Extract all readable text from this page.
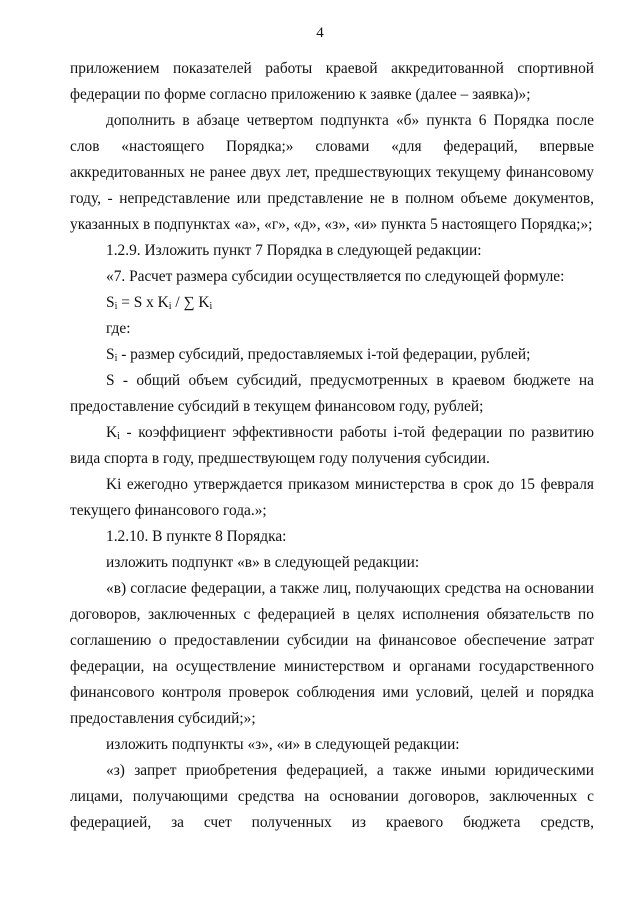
4
приложением показателей работы краевой аккредитованной спортивной
федерации по форме согласно приложению к заявке (далее – заявка)»;
дополнить в абзаце четвертом подпункта «б» пункта 6 Порядка после
слов «настоящего Порядка;» словами «для федераций, впервые
аккредитованных не ранее двух лет, предшествующих текущему финансовому
году, - непредставление или представление не в полном объеме документов,
указанных в подпунктах «а», «г», «д», «з», «и» пункта 5 настоящего Порядка;»;
1.2.9. Изложить пункт 7 Порядка в следующей редакции:
«7. Расчет размера субсидии осуществляется по следующей формуле:
$S_i = S$ x $K_i$ / ∑ $K_i$
где:
$S_i$ - размер субсидий, предоставляемых i-той федерации, рублей;
S - общий объем субсидий, предусмотренных в краевом бюджете на
предоставление субсидий в текущем финансовом году, рублей;
$K_i$ - коэффициент эффективности работы i-той федерации по развитию
вида спорта в году, предшествующем году получения субсидии.
Ki ежегодно утверждается приказом министерства в срок до 15 февраля
текущего финансового года.»;
1.2.10. В пункте 8 Порядка:
изложить подпункт «в» в следующей редакции:
«в) согласие федерации, а также лиц, получающих средства на основании
договоров, заключенных с федерацией в целях исполнения обязательств по
соглашению о предоставлении субсидии на финансовое обеспечение затрат
федерации, на осуществление министерством и органами государственного
финансового контроля проверок соблюдения ими условий, целей и порядка
предоставления субсидий;»;
изложить подпункты «з», «и» в следующей редакции:
«з) запрет приобретения федерацией, а также иными юридическими
лицами, получающими средства на основании договоров, заключенных с
федерацией, за счет полученных из краевого бюджета средств,
